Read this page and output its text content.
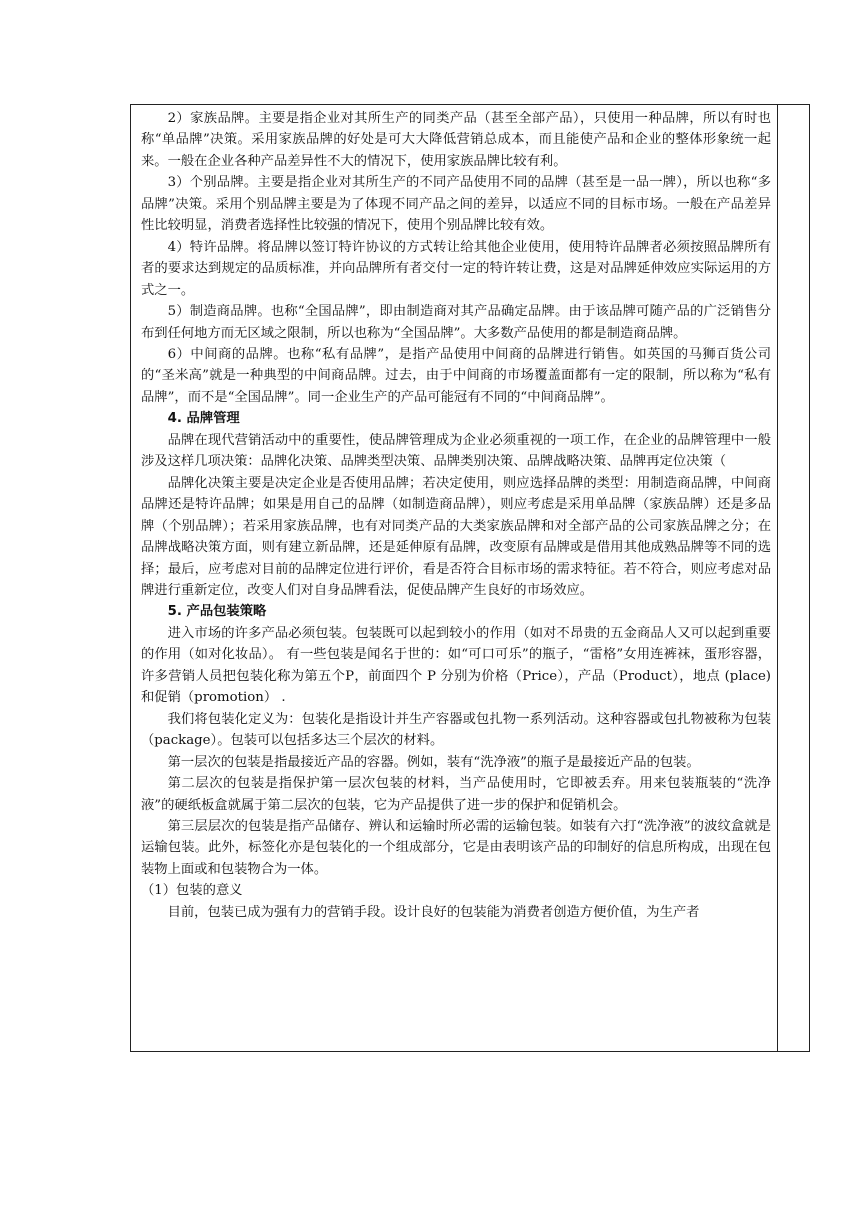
2）家族品牌。主要是指企业对其所生产的同类产品（甚至全部产品），只使用一种品牌，所以有时也称“单品牌”决策。采用家族品牌的好处是可大大降低营销总成本，而且能使产品和企业的整体形象统一起来。一般在企业各种产品差异性不大的情况下，使用家族品牌比较有利。

3）个别品牌。主要是指企业对其所生产的不同产品使用不同的品牌（甚至是一品一牌），所以也称“多品牌”决策。采用个别品牌主要是为了体现不同产品之间的差异，以适应不同的目标市场。一般在产品差异性比较明显，消费者选择性比较强的情况下，使用个别品牌比较有效。

4）特许品牌。将品牌以签订特许协议的方式转让给其他企业使用，使用特许品牌者必须按照品牌所有者的要求达到规定的品质标准，并向品牌所有者交付一定的特许转让费，这是对品牌延伸效应实际运用的方式之一。

5）制造商品牌。也称“全国品牌”，即由制造商对其产品确定品牌。由于该品牌可随产品的广泛销售分布到任何地方而无区域之限制，所以也称为“全国品牌”。大多数产品使用的都是制造商品牌。

6）中间商的品牌。也称“私有品牌”，是指产品使用中间商的品牌进行销售。如英国的马狮百货公司的“圣米高”就是一种典型的中间商品牌。过去，由于中间商的市场覆盖面都有一定的限制，所以称为“私有品牌”，而不是“全国品牌”。同一企业生产的产品可能冠有不同的“中间商品牌”。

4. 品牌管理

品牌在现代营销活动中的重要性，使品牌管理成为企业必须重视的一项工作，在企业的品牌管理中一般涉及这样几项决策：品牌化决策、品牌类型决策、品牌类别决策、品牌战略决策、品牌再定位决策（

品牌化决策主要是决定企业是否使用品牌；若决定使用，则应选择品牌的类型：用制造商品牌，中间商品牌还是特许品牌；如果是用自己的品牌（如制造商品牌），则应考虑是采用单品牌（家族品牌）还是多品牌（个别品牌）；若采用家族品牌，也有对同类产品的大类家族品牌和对全部产品的公司家族品牌之分；在品牌战略决策方面，则有建立新品牌，还是延伸原有品牌，改变原有品牌或是借用其他成熟品牌等不同的选择；最后，应考虑对目前的品牌定位进行评价，看是否符合目标市场的需求特征。若不符合，则应考虑对品牌进行重新定位，改变人们对自身品牌看法，促使品牌产生良好的市场效应。

5. 产品包装策略

进入市场的许多产品必须包装。包装既可以起到较小的作用（如对不昂贵的五金商品人又可以起到重要的作用（如对化妆品）。 有一些包装是闻名于世的：如“可口可乐”的瓶子，“雷格”女用连裤袜，蛋形容器，许多营销人员把包装化称为第五个P，前面四个 P 分别为价格（Price），产品（Product），地点 (place) 和促销（promotion） .

我们将包装化定义为：包装化是指设计并生产容器或包扎物一系列活动。这种容器或包扎物被称为包装（package）。包装可以包括多达三个层次的材料。

第一层次的包装是指最接近产品的容器。例如，装有“洗净液”的瓶子是最接近产品的包装。

第二层次的包装是指保护第一层次包装的材料，当产品使用时，它即被丢弃。用来包装瓶装的“洗净液”的硬纸板盒就属于第二层次的包装，它为产品提供了进一步的保护和促销机会。

第三层层次的包装是指产品储存、辨认和运输时所必需的运输包装。如装有六打“洗净液”的波纹盒就是运输包装。此外，标签化亦是包装化的一个组成部分，它是由表明该产品的印制好的信息所构成，出现在包装物上面或和包装物合为一体。

（1）包装的意义

目前，包装已成为强有力的营销手段。设计良好的包装能为消费者创造方便价值，为生产者
